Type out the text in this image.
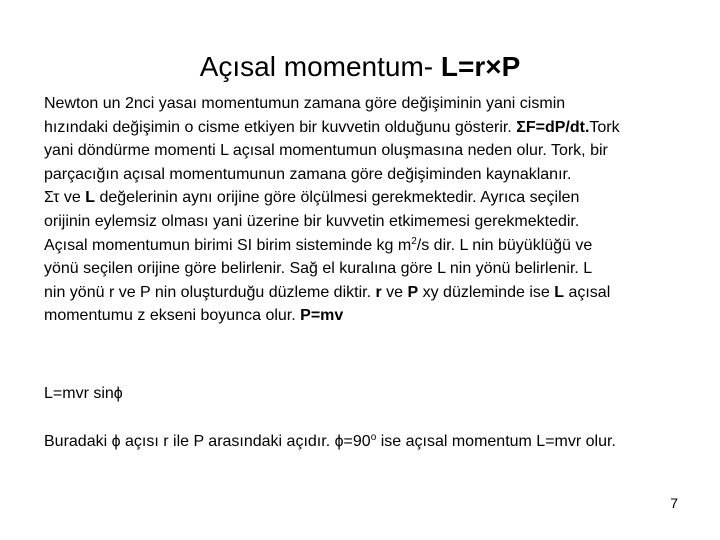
Açısal momentum- L=r×P
Newton un 2nci yasaı momentumun zamana göre değişiminin yani cismin
hızındaki değişimin o cisme etkiyen bir kuvvetin olduğunu gösterir. ΣF=dP/dt.Tork
yani döndürme momenti L açısal momentumun oluşmasına neden olur. Tork, bir
parçacığın açısal momentumunun zamana göre değişiminden kaynaklanır.
Στ ve L değelerinin aynı orijine göre ölçülmesi gerekmektedir. Ayrıca seçilen
orijinin eylemsiz olması yani üzerine bir kuvvetin etkimemesi gerekmektedir.
Açısal momentumun birimi SI birim sisteminde kg $m^2/s$ dir. L nin büyüklüğü ve
yönü seçilen orijine göre belirlenir. Sağ el kuralına göre L nin yönü belirlenir. L
nin yönü r ve P nin oluşturduğu düzleme diktir. r ve P xy düzleminde ise L açısal
momentumu z ekseni boyunca olur. P=mv
L=mvr sinϕ
Buradaki ϕ açısı r ile P arasındaki açıdır. $\phi=90^o$ ise açısal momentum L=mvr olur.
7
